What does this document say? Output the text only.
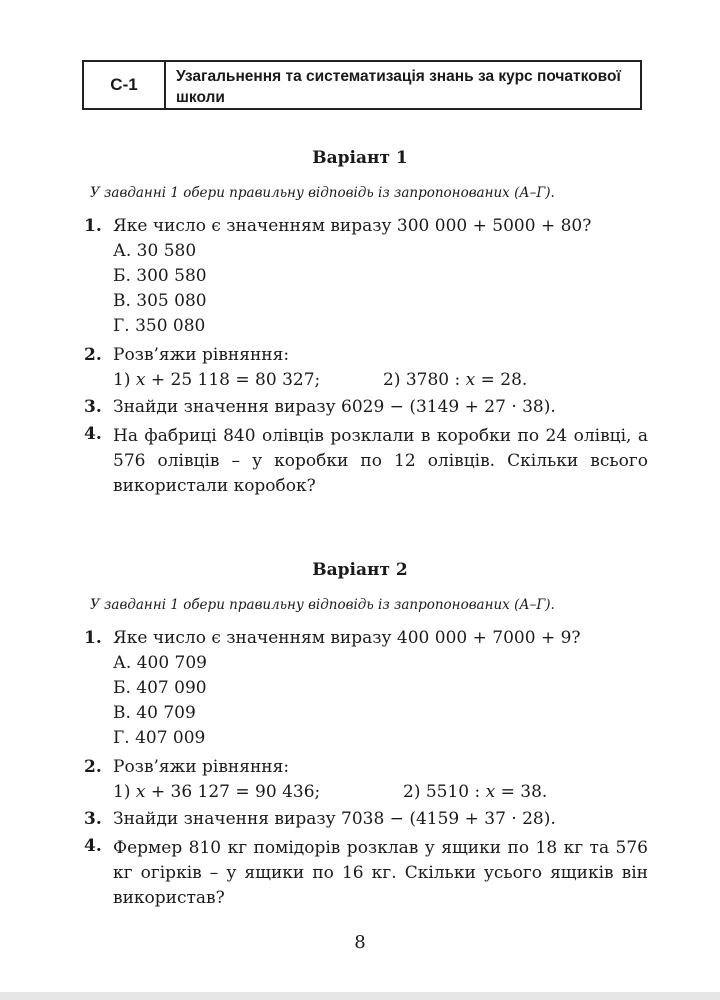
С-1	Узагальнення та систематизація знань за курс початкової школи
Варіант 1
У завданні 1 обери правильну відповідь із запропонованих (А–Г).
1. Яке число є значенням виразу 300 000 + 5000 + 80?
А. 30 580
Б. 300 580
В. 305 080
Г. 350 080
2. Розв’яжи рівняння:
1) x + 25 118 = 80 327;	2) 3780 : x = 28.
3. Знайди значення виразу 6029 − (3149 + 27 · 38).
4. На фабриці 840 олівців розклали в коробки по 24 олівці, а 576 олівців – у коробки по 12 олівців. Скільки всього використали коробок?
Варіант 2
У завданні 1 обери правильну відповідь із запропонованих (А–Г).
1. Яке число є значенням виразу 400 000 + 7000 + 9?
А. 400 709
Б. 407 090
В. 40 709
Г. 407 009
2. Розв’яжи рівняння:
1) x + 36 127 = 90 436;	2) 5510 : x = 38.
3. Знайди значення виразу 7038 − (4159 + 37 · 28).
4. Фермер 810 кг помідорів розклав у ящики по 18 кг та 576 кг огірків – у ящики по 16 кг. Скільки усього ящиків він використав?
8
